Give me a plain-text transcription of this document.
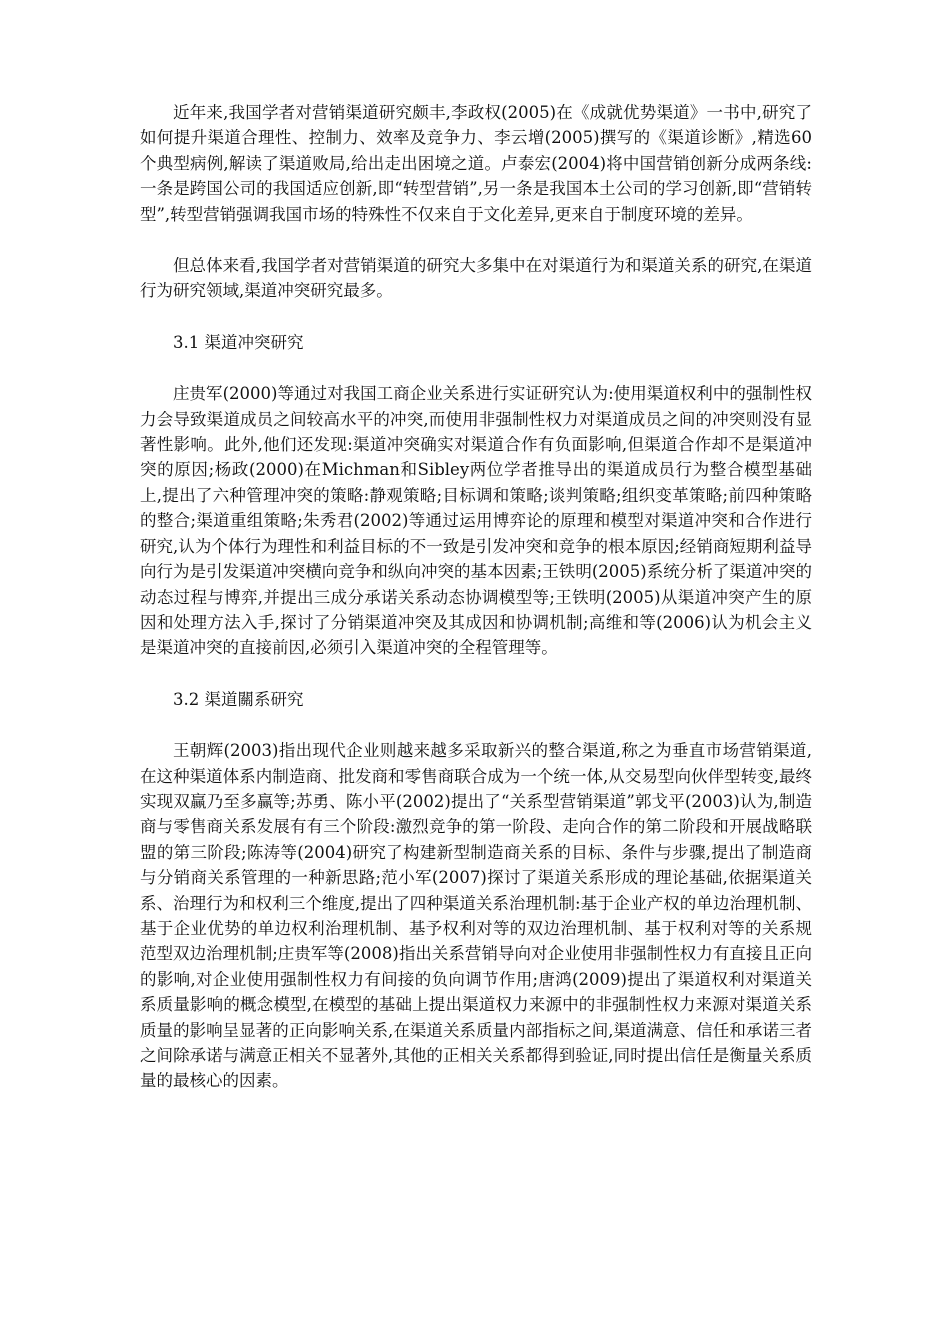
近年来,我国学者对营销渠道研究颇丰,李政权(2005)在《成就优势渠道》一书中,研究了如何提升渠道合理性、控制力、效率及竞争力、李云增(2005)撰写的《渠道诊断》,精选60个典型病例,解读了渠道败局,给出走出困境之道。卢泰宏(2004)将中国营销创新分成两条线:一条是跨国公司的我国适应创新,即“转型营销”,另一条是我国本土公司的学习创新,即“营销转型”,转型营销强调我国市场的特殊性不仅来自于文化差异,更来自于制度环境的差异。

但总体来看,我国学者对营销渠道的研究大多集中在对渠道行为和渠道关系的研究,在渠道行为研究领域,渠道冲突研究最多。

3.1 渠道冲突研究

庄贵军(2000)等通过对我国工商企业关系进行实证研究认为:使用渠道权利中的强制性权力会导致渠道成员之间较高水平的冲突,而使用非强制性权力对渠道成员之间的冲突则没有显著性影响。此外,他们还发现:渠道冲突确实对渠道合作有负面影响,但渠道合作却不是渠道冲突的原因;杨政(2000)在Michman和Sibley两位学者推导出的渠道成员行为整合模型基础上,提出了六种管理冲突的策略:静观策略;目标调和策略;谈判策略;组织变革策略;前四种策略的整合;渠道重组策略;朱秀君(2002)等通过运用博弈论的原理和模型对渠道冲突和合作进行研究,认为个体行为理性和利益目标的不一致是引发冲突和竞争的根本原因;经销商短期利益导向行为是引发渠道冲突横向竞争和纵向冲突的基本因素;王铁明(2005)系统分析了渠道冲突的动态过程与博弈,并提出三成分承诺关系动态协调模型等;王铁明(2005)从渠道冲突产生的原因和处理方法入手,探讨了分销渠道冲突及其成因和协调机制;高维和等(2006)认为机会主义是渠道冲突的直接前因,必须引入渠道冲突的全程管理等。

3.2 渠道關系研究

王朝辉(2003)指出现代企业则越来越多采取新兴的整合渠道,称之为垂直市场营销渠道,在这种渠道体系内制造商、批发商和零售商联合成为一个统一体,从交易型向伙伴型转变,最终实现双赢乃至多赢等;苏勇、陈小平(2002)提出了“关系型营销渠道”郭戈平(2003)认为,制造商与零售商关系发展有有三个阶段:激烈竞争的第一阶段、走向合作的第二阶段和开展战略联盟的第三阶段;陈涛等(2004)研究了构建新型制造商关系的目标、条件与步骤,提出了制造商与分销商关系管理的一种新思路;范小军(2007)探讨了渠道关系形成的理论基础,依据渠道关系、治理行为和权利三个维度,提出了四种渠道关系治理机制:基于企业产权的单边治理机制、基于企业优势的单边权利治理机制、基予权利对等的双边治理机制、基于权利对等的关系规范型双边治理机制;庄贵军等(2008)指出关系营销导向对企业使用非强制性权力有直接且正向的影响,对企业使用强制性权力有间接的负向调节作用;唐鸿(2009)提出了渠道权利对渠道关系质量影响的概念模型,在模型的基础上提出渠道权力来源中的非强制性权力来源对渠道关系质量的影响呈显著的正向影响关系,在渠道关系质量内部指标之间,渠道满意、信任和承诺三者之间除承诺与满意正相关不显著外,其他的正相关关系都得到验证,同时提出信任是衡量关系质量的最核心的因素。
